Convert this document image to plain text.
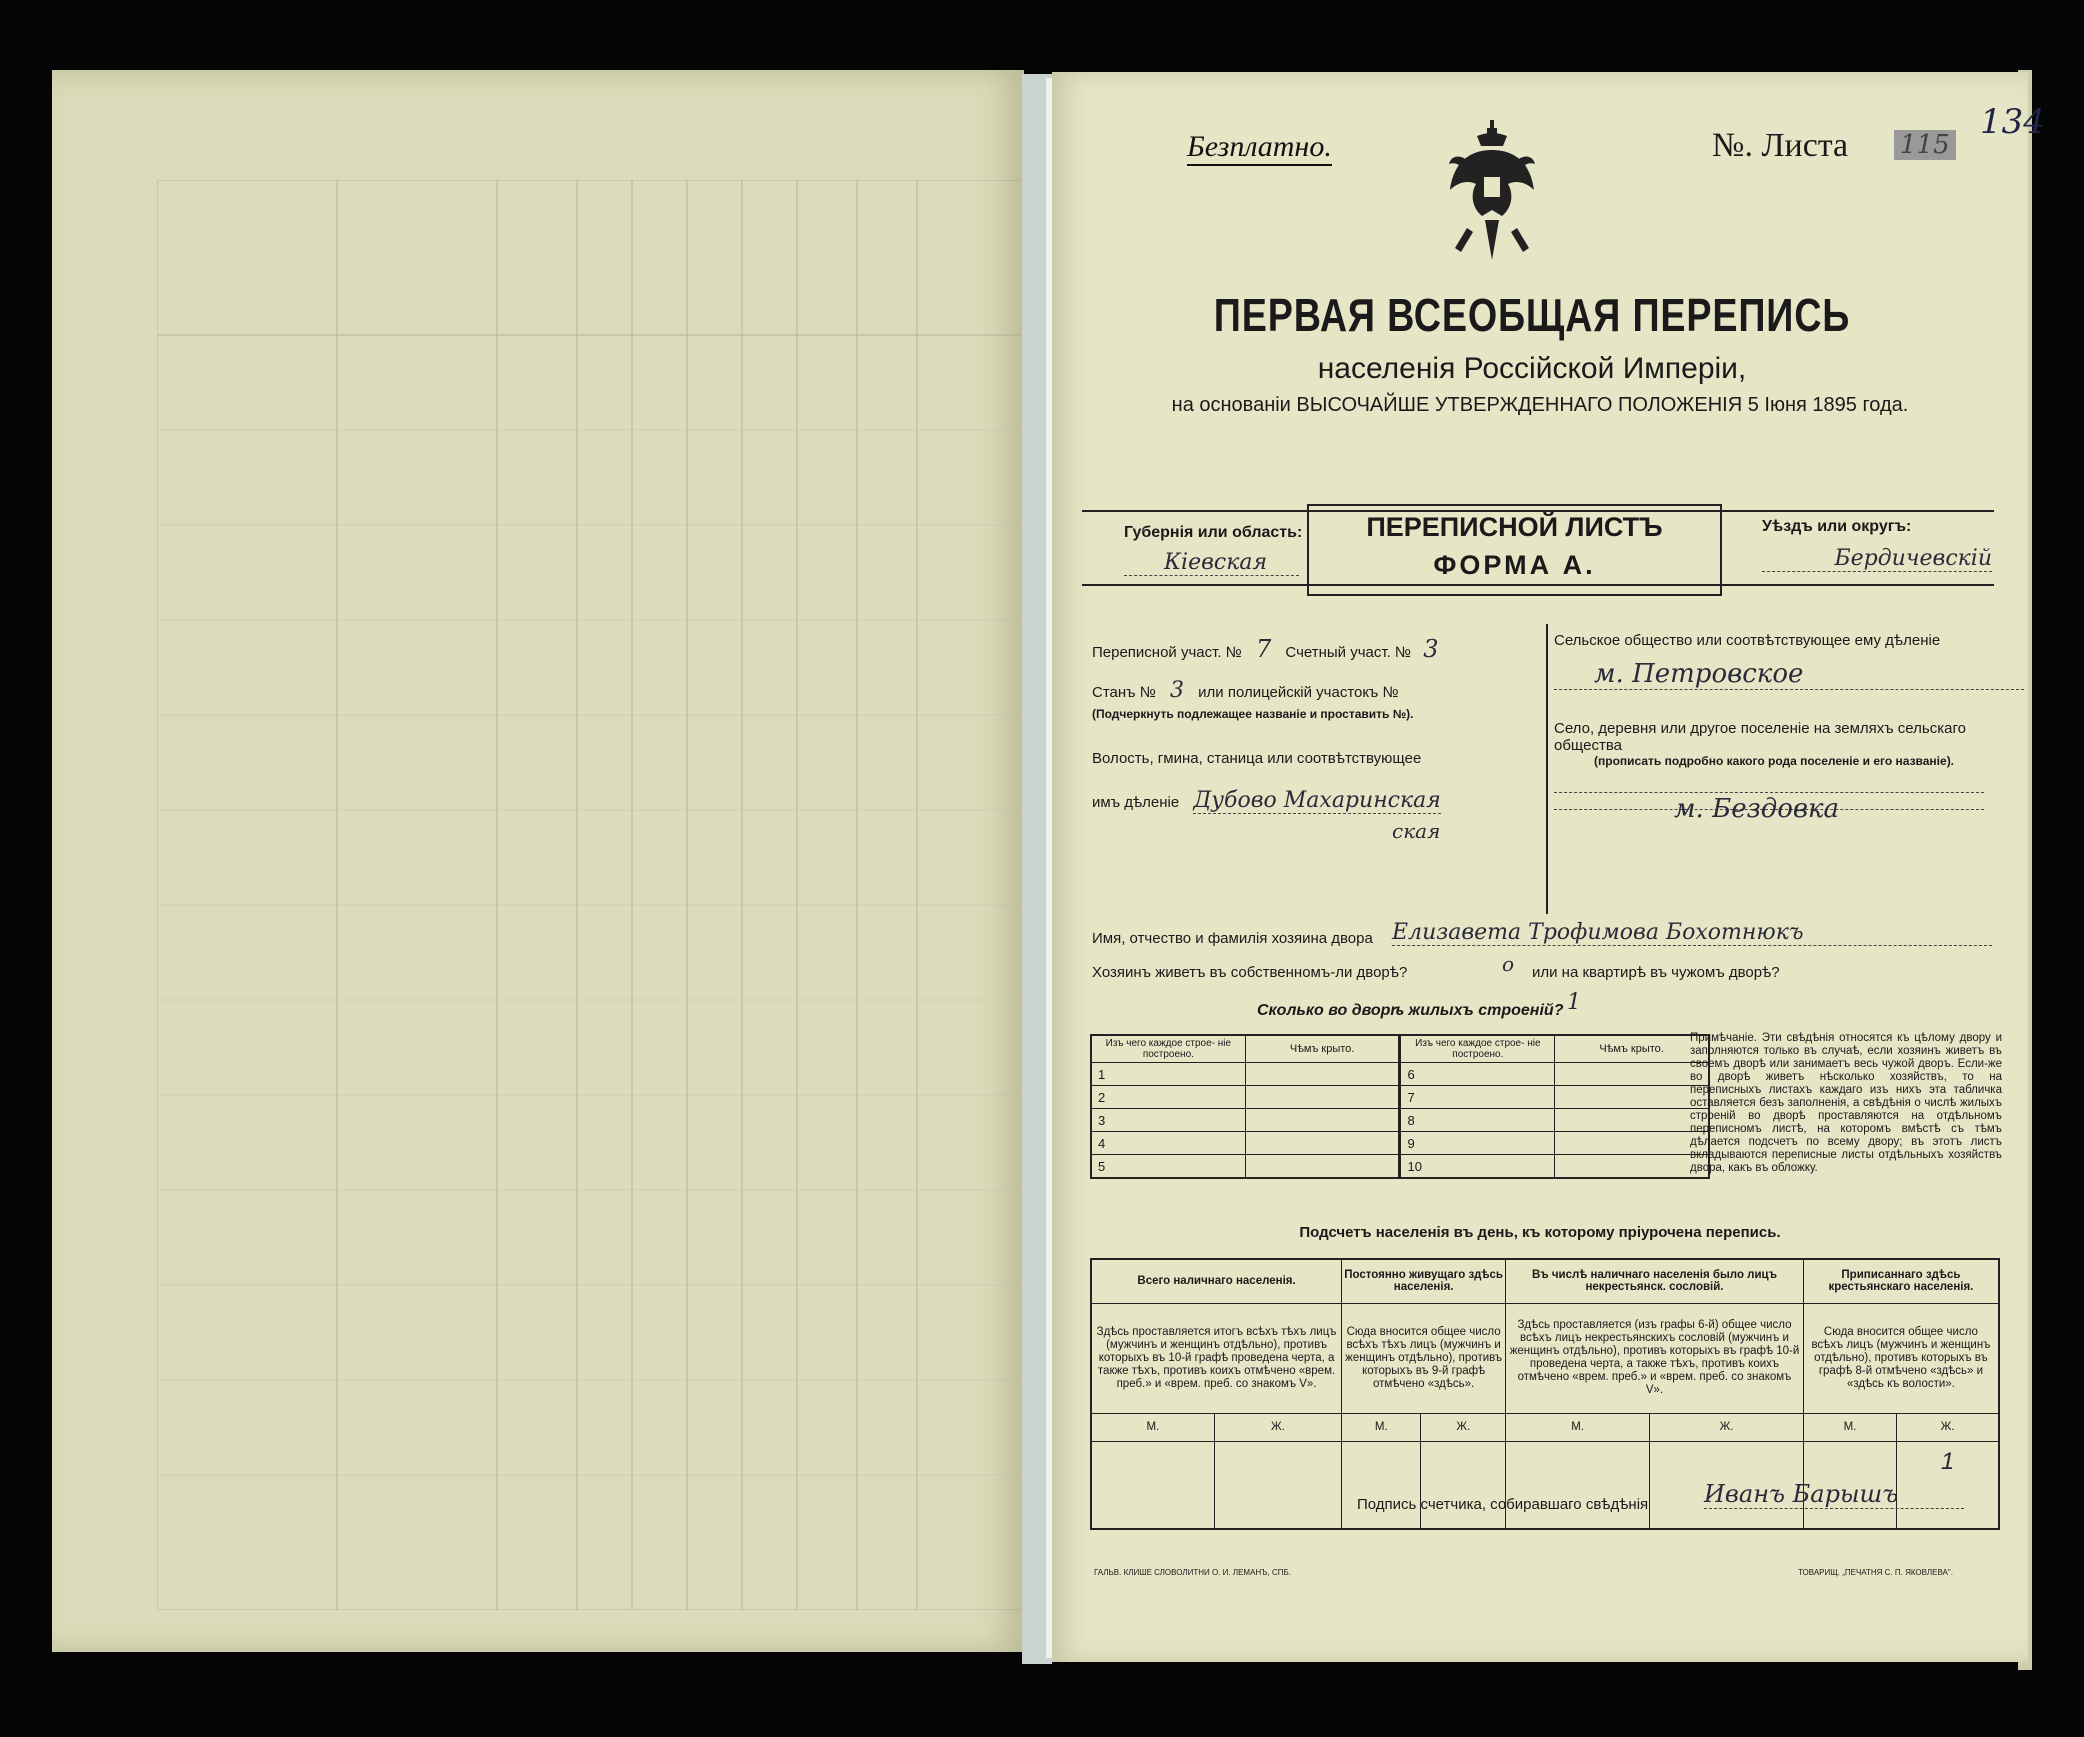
Безплатно.	№. Листа 115
134
ПЕРВАЯ ВСЕОБЩАЯ ПЕРЕПИСЬ
населенія Россійской Имперіи,
на основаніи ВЫСОЧАЙШЕ УТВЕРЖДЕННАГО ПОЛОЖЕНІЯ 5 Іюня 1895 года.
Губернія или область:
Кіевская
ПЕРЕПИСНОЙ ЛИСТЪ
ФОРМА А.
Уѣздъ или округъ:
Бердичевскій
Переписной участ. № 7 Счетный участ. № 3
Станъ № 3 или полицейскій участокъ №
(Подчеркнуть подлежащее названіе и проставить №).
Волость, гмина, станица или соотвѣтствующее
имъ дѣленіе Дубово Махаринская
ская
Сельское общество или соотвѣтствующее ему дѣленіе
м. Петровское
Село, деревня или другое поселеніе на земляхъ сельскаго общества
(прописать подробно какого рода поселеніе и его названіе).
м. Бездовка
Имя, отчество и фамилія хозяина двора Елизавета Трофимова Бохотнюкъ
Хозяинъ живетъ въ собственномъ-ли дворѣ?	о или на квартирѣ въ чужомъ дворѣ?
Сколько во дворѣ жилыхъ строеній? 1
Изъ чего каждое строе- ніе построено.	Чѣмъ крыто.	Изъ чего каждое строе- ніе построено.	Чѣмъ крыто.
1		6	
2		7	
3		8	
4		9	
5		10	
Примѣчаніе. Эти свѣдѣнія относятся къ цѣлому двору и заполняются только въ случаѣ, если хозяинъ живетъ въ своемъ дворѣ или занимаетъ весь чужой дворъ. Если-же во дворѣ живетъ нѣсколько хозяйствъ, то на переписныхъ листахъ каждаго изъ нихъ эта табличка оставляется безъ заполненія, а свѣдѣнія о числѣ жилыхъ строеній во дворѣ проставляются на отдѣльномъ переписномъ листѣ, на которомъ вмѣстѣ съ тѣмъ дѣлается подсчетъ по всему двору; въ этотъ листъ вкладываются переписные листы отдѣльныхъ хозяйствъ двора, какъ въ обложку.
Подсчетъ населенія въ день, къ которому пріурочена перепись.
Всего наличнаго населенія.		Постоянно живущаго здѣсь населенія.		Въ числѣ наличнаго населенія было лицъ некрестьянск. сословій.		Приписаннаго здѣсь крестьянскаго населенія.	
Здѣсь проставляется итогъ всѣхъ тѣхъ лицъ (мужчинъ и женщинъ отдѣльно), противъ которыхъ въ 10-й графѣ проведена черта, а также тѣхъ, противъ коихъ отмѣчено «врем. преб.» и «врем. преб. со знакомъ V».		Сюда вносится общее число всѣхъ тѣхъ лицъ (мужчинъ и женщинъ отдѣльно), противъ которыхъ въ 9-й графѣ отмѣчено «здѣсь».		Здѣсь проставляется (изъ графы 6-й) общее число всѣхъ лицъ некрестьянскихъ сословій (мужчинъ и женщинъ отдѣльно), противъ которыхъ въ графѣ 10-й проведена черта, а также тѣхъ, противъ коихъ отмѣчено «врем. преб.» и «врем. преб. со знакомъ V».		Сюда вносится общее число всѣхъ лицъ (мужчинъ и женщинъ отдѣльно), противъ которыхъ въ графѣ 8-й отмѣчено «здѣсь» и «здѣсь къ волости».	
М.	Ж.	М.	Ж.	М.	Ж.	М.	Ж.
							1
Подпись счетчика, собиравшаго свѣдѣнія Иванъ Барышъ
ГАЛЬВ. КЛИШЕ СЛОВОЛИТНИ О. И. ЛЕМАНЪ, СПБ.	ТОВАРИЩ. „ПЕЧАТНЯ С. П. ЯКОВЛЕВА".
